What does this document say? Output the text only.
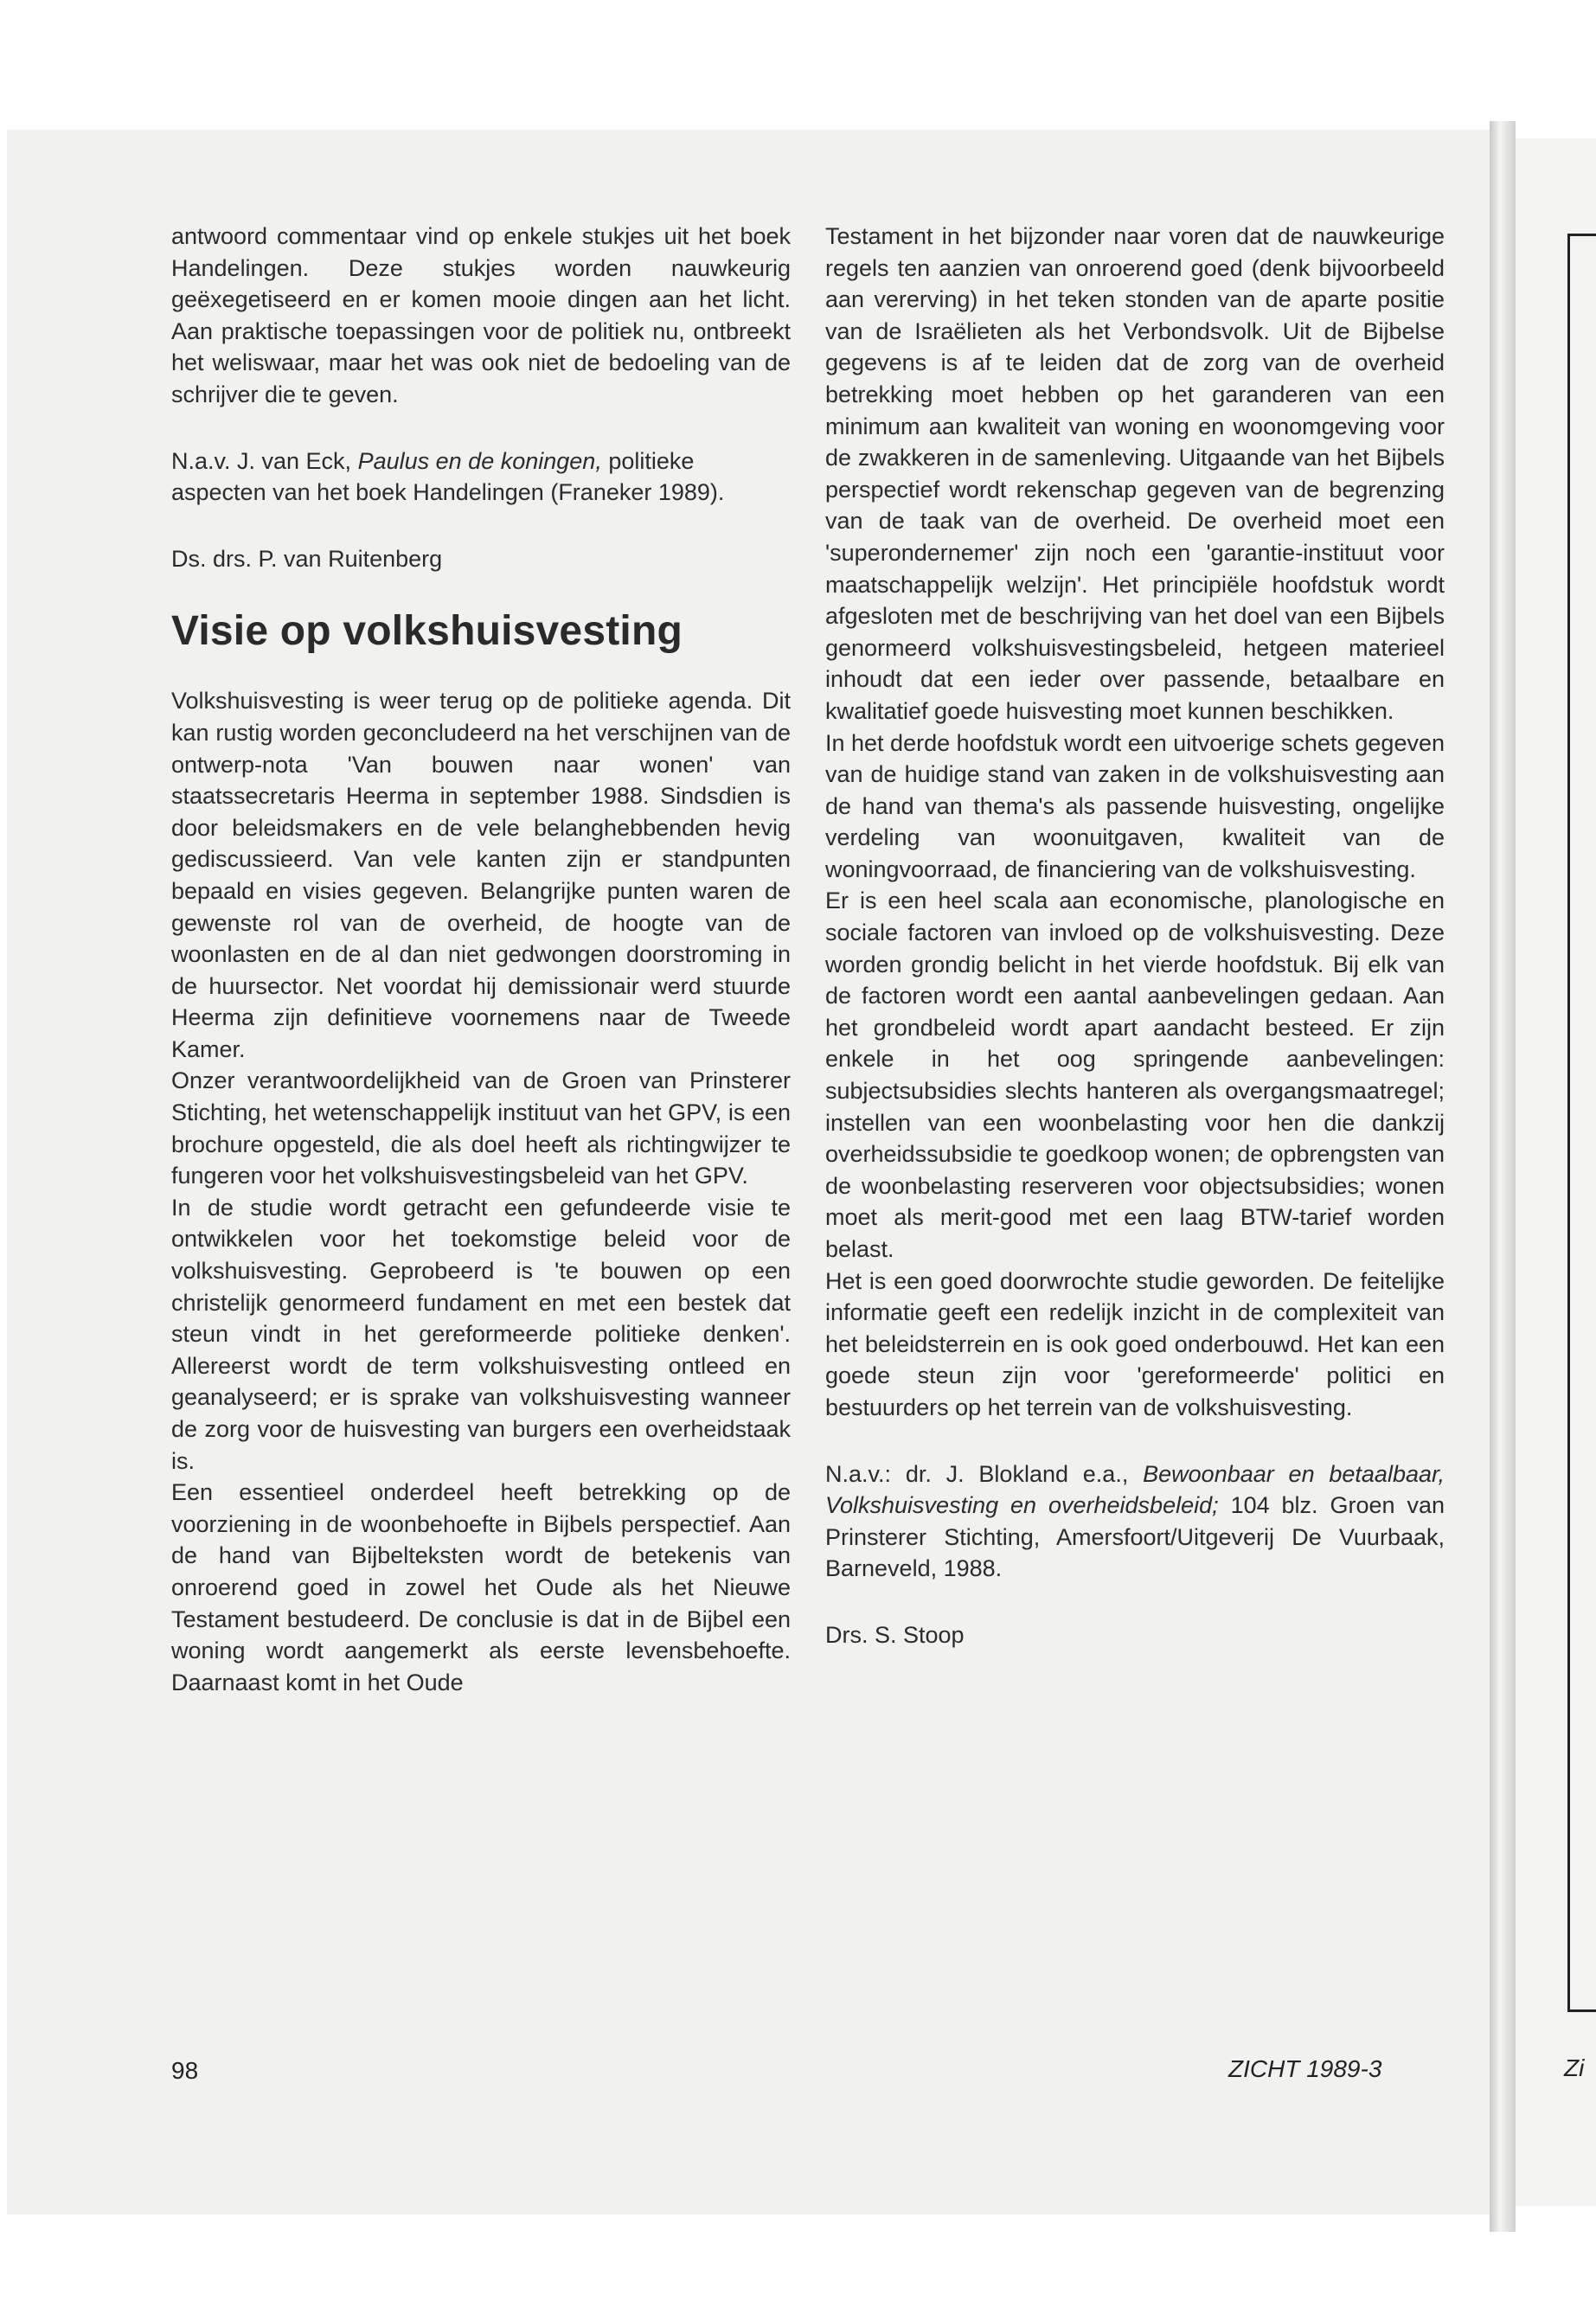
Zi

antwoord commentaar vind op enkele stukjes uit het boek Handelingen. Deze stukjes worden nauwkeurig geëxegetiseerd en er komen mooie dingen aan het licht. Aan praktische toepassingen voor de politiek nu, ontbreekt het weliswaar, maar het was ook niet de bedoeling van de schrijver die te geven.

N.a.v. J. van Eck, Paulus en de koningen, politieke aspecten van het boek Handelingen (Franeker 1989).

Ds. drs. P. van Ruitenberg

Visie op volkshuisvesting

Volkshuisvesting is weer terug op de politieke agenda. Dit kan rustig worden geconcludeerd na het verschijnen van de ontwerp-nota 'Van bouwen naar wonen' van staatssecretaris Heerma in september 1988. Sindsdien is door beleidsmakers en de vele belanghebbenden hevig gediscussieerd. Van vele kanten zijn er standpunten bepaald en visies gegeven. Belangrijke punten waren de gewenste rol van de overheid, de hoogte van de woonlasten en de al dan niet gedwongen doorstroming in de huursector. Net voordat hij demissionair werd stuurde Heerma zijn definitieve voornemens naar de Tweede Kamer.

Onzer verantwoordelijkheid van de Groen van Prinsterer Stichting, het wetenschappelijk instituut van het GPV, is een brochure opgesteld, die als doel heeft als richtingwijzer te fungeren voor het volkshuisvestingsbeleid van het GPV.

In de studie wordt getracht een gefundeerde visie te ontwikkelen voor het toekomstige beleid voor de volkshuisvesting. Geprobeerd is 'te bouwen op een christelijk genormeerd fundament en met een bestek dat steun vindt in het gereformeerde politieke denken'. Allereerst wordt de term volkshuisvesting ontleed en geanalyseerd; er is sprake van volkshuisvesting wanneer de zorg voor de huisvesting van burgers een overheidstaak is.

Een essentieel onderdeel heeft betrekking op de voorziening in de woonbehoefte in Bijbels perspectief. Aan de hand van Bijbelteksten wordt de betekenis van onroerend goed in zowel het Oude als het Nieuwe Testament bestudeerd. De conclusie is dat in de Bijbel een woning wordt aangemerkt als eerste levensbehoefte. Daarnaast komt in het Oude

Testament in het bijzonder naar voren dat de nauwkeurige regels ten aanzien van onroerend goed (denk bijvoorbeeld aan vererving) in het teken stonden van de aparte positie van de Israëlieten als het Verbondsvolk. Uit de Bijbelse gegevens is af te leiden dat de zorg van de overheid betrekking moet hebben op het garanderen van een minimum aan kwaliteit van woning en woonomgeving voor de zwakkeren in de samenleving. Uitgaande van het Bijbels perspectief wordt rekenschap gegeven van de begrenzing van de taak van de overheid. De overheid moet een 'superondernemer' zijn noch een 'garantie-instituut voor maatschappelijk welzijn'. Het principiële hoofdstuk wordt afgesloten met de beschrijving van het doel van een Bijbels genormeerd volkshuisvestingsbeleid, hetgeen materieel inhoudt dat een ieder over passende, betaalbare en kwalitatief goede huisvesting moet kunnen beschikken.

In het derde hoofdstuk wordt een uitvoerige schets gegeven van de huidige stand van zaken in de volkshuisvesting aan de hand van thema's als passende huisvesting, ongelijke verdeling van woonuitgaven, kwaliteit van de woningvoorraad, de financiering van de volkshuisvesting.

Er is een heel scala aan economische, planologische en sociale factoren van invloed op de volkshuisvesting. Deze worden grondig belicht in het vierde hoofdstuk. Bij elk van de factoren wordt een aantal aanbevelingen gedaan. Aan het grondbeleid wordt apart aandacht besteed. Er zijn enkele in het oog springende aanbevelingen: subjectsubsidies slechts hanteren als overgangsmaatregel; instellen van een woonbelasting voor hen die dankzij overheidssubsidie te goedkoop wonen; de opbrengsten van de woonbelasting reserveren voor objectsubsidies; wonen moet als merit-good met een laag BTW-tarief worden belast.

Het is een goed doorwrochte studie geworden. De feitelijke informatie geeft een redelijk inzicht in de complexiteit van het beleidsterrein en is ook goed onderbouwd. Het kan een goede steun zijn voor 'gereformeerde' politici en bestuurders op het terrein van de volkshuisvesting.

N.a.v.: dr. J. Blokland e.a., Bewoonbaar en betaalbaar, Volkshuisvesting en overheidsbeleid; 104 blz. Groen van Prinsterer Stichting, Amersfoort/Uitgeverij De Vuurbaak, Barneveld, 1988.

Drs. S. Stoop

98	ZICHT 1989-3
